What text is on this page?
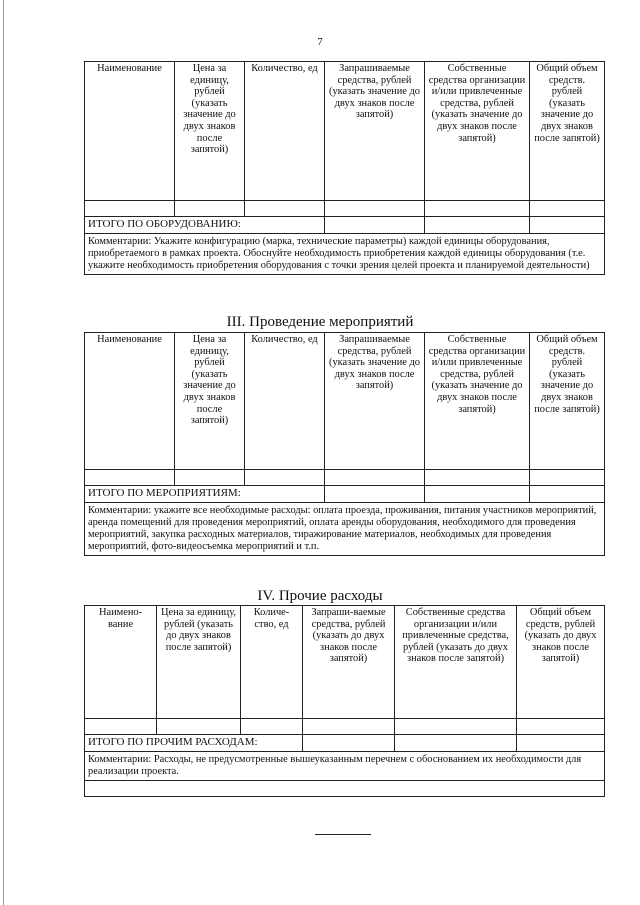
7
Наименование	Цена за единицу, рублей (указать значение до двух знаков после запятой)	Количество, ед	Запрашиваемые средства, рублей (указать значение до двух знаков после запятой)	Собственные средства организации и/или привлеченные средства, рублей (указать значение до двух знаков после запятой)	Общий объем средств. рублей (указать значение до двух знаков после запятой)

ИТОГО ПО ОБОРУДОВАНИЮ:					
Комментарии: Укажите конфигурацию (марка, технические параметры) каждой единицы оборудования, приобретаемого в рамках проекта. Обоснуйте необходимость приобретения каждой единицы оборудования (т.е. укажите необходимость приобретения оборудования с точки зрения целей проекта и планируемой деятельности)					
III. Проведение мероприятий
Наименование	Цена за единицу, рублей (указать значение до двух знаков после запятой)	Количество, ед	Запрашиваемые средства, рублей (указать значение до двух знаков после запятой)	Собственные средства организации и/или привлеченные средства, рублей (указать значение до двух знаков после запятой)	Общий объем средств. рублей (указать значение до двух знаков после запятой)

ИТОГО ПО МЕРОПРИЯТИЯМ:					
Комментарии: укажите все необходимые расходы: оплата проезда, проживания, питания участников мероприятий, аренда помещений для проведения мероприятий, оплата аренды оборудования, необходимого для проведения мероприятий, закупка расходных материалов, тиражирование материалов, необходимых для проведения мероприятий, фото-видеосъемка мероприятий и т.п.					
IV. Прочие расходы
Наимено-вание	Цена за единицу, рублей (указать до двух знаков после запятой)	Количе-ство, ед	Запраши-ваемые средства, рублей (указать до двух знаков после запятой)	Собственные средства организации и/или привлеченные средства, рублей (указать до двух знаков после запятой)	Общий объем средств, рублей (указать до двух знаков после запятой)

ИТОГО ПО ПРОЧИМ РАСХОДАМ:					
Комментарии: Расходы, не предусмотренные вышеуказанным перечнем с обоснованием их необходимости для реализации проекта.					
